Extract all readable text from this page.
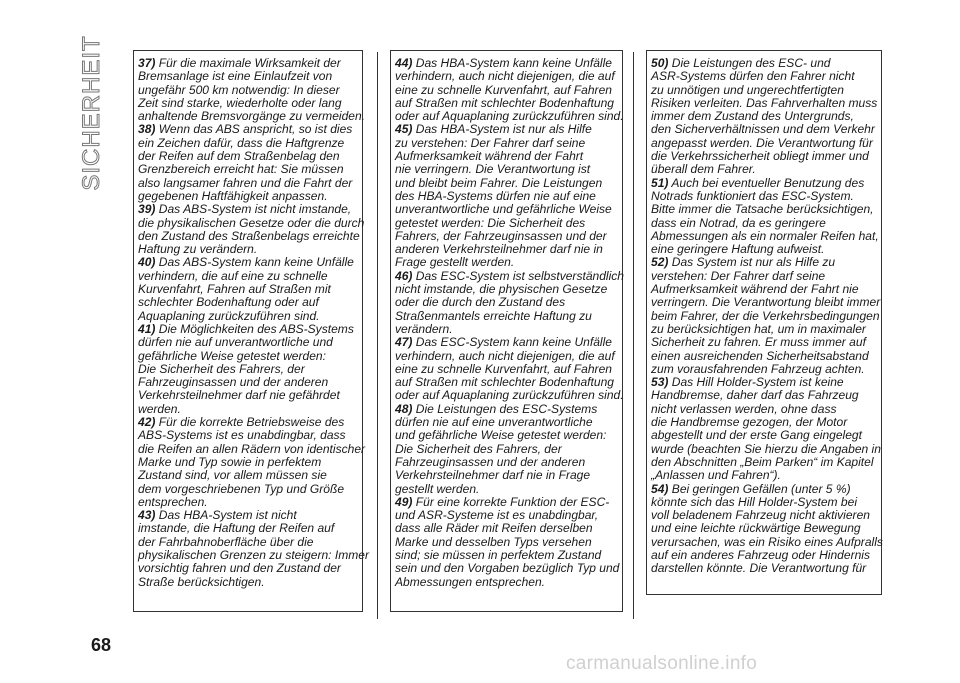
SICHERHEIT	37) Für die maximale Wirksamkeit der

Bremsanlage ist eine Einlaufzeit von

ungefähr 500 km notwendig: In dieser

Zeit sind starke, wiederholte oder lang

anhaltende Bremsvorgänge zu vermeiden.

38) Wenn das ABS anspricht, so ist dies

ein Zeichen dafür, dass die Haftgrenze

der Reifen auf dem Straßenbelag den

Grenzbereich erreicht hat: Sie müssen

also langsamer fahren und die Fahrt der

gegebenen Haftfähigkeit anpassen.

39) Das ABS-System ist nicht imstande,

die physikalischen Gesetze oder die durch

den Zustand des Straßenbelags erreichte

Haftung zu verändern.

40) Das ABS-System kann keine Unfälle

verhindern, die auf eine zu schnelle

Kurvenfahrt, Fahren auf Straßen mit

schlechter Bodenhaftung oder auf

Aquaplaning zurückzuführen sind.

41) Die Möglichkeiten des ABS-Systems

dürfen nie auf unverantwortliche und

gefährliche Weise getestet werden:

Die Sicherheit des Fahrers, der

Fahrzeuginsassen und der anderen

Verkehrsteilnehmer darf nie gefährdet

werden.

42) Für die korrekte Betriebsweise des

ABS-Systems ist es unabdingbar, dass

die Reifen an allen Rädern von identischer

Marke und Typ sowie in perfektem

Zustand sind, vor allem müssen sie

dem vorgeschriebenen Typ und Größe

entsprechen.

43) Das HBA-System ist nicht

imstande, die Haftung der Reifen auf

der Fahrbahnoberfläche über die

physikalischen Grenzen zu steigern: Immer

vorsichtig fahren und den Zustand der

Straße berücksichtigen.

44) Das HBA-System kann keine Unfälle

verhindern, auch nicht diejenigen, die auf

eine zu schnelle Kurvenfahrt, auf Fahren

auf Straßen mit schlechter Bodenhaftung

oder auf Aquaplaning zurückzuführen sind.

45) Das HBA-System ist nur als Hilfe

zu verstehen: Der Fahrer darf seine

Aufmerksamkeit während der Fahrt

nie verringern. Die Verantwortung ist

und bleibt beim Fahrer. Die Leistungen

des HBA-Systems dürfen nie auf eine

unverantwortliche und gefährliche Weise

getestet werden: Die Sicherheit des

Fahrers, der Fahrzeuginsassen und der

anderen Verkehrsteilnehmer darf nie in

Frage gestellt werden.

46) Das ESC-System ist selbstverständlich

nicht imstande, die physischen Gesetze

oder die durch den Zustand des

Straßenmantels erreichte Haftung zu

verändern.

47) Das ESC-System kann keine Unfälle

verhindern, auch nicht diejenigen, die auf

eine zu schnelle Kurvenfahrt, auf Fahren

auf Straßen mit schlechter Bodenhaftung

oder auf Aquaplaning zurückzuführen sind.

48) Die Leistungen des ESC-Systems

dürfen nie auf eine unverantwortliche

und gefährliche Weise getestet werden:

Die Sicherheit des Fahrers, der

Fahrzeuginsassen und der anderen

Verkehrsteilnehmer darf nie in Frage

gestellt werden.

49) Für eine korrekte Funktion der ESC-

und ASR-Systeme ist es unabdingbar,

dass alle Räder mit Reifen derselben

Marke und desselben Typs versehen

sind; sie müssen in perfektem Zustand

sein und den Vorgaben bezüglich Typ und

Abmessungen entsprechen.

50) Die Leistungen des ESC- und

ASR-Systems dürfen den Fahrer nicht

zu unnötigen und ungerechtfertigten

Risiken verleiten. Das Fahrverhalten muss

immer dem Zustand des Untergrunds,

den Sicherverhältnissen und dem Verkehr

angepasst werden. Die Verantwortung für

die Verkehrssicherheit obliegt immer und

überall dem Fahrer.

51) Auch bei eventueller Benutzung des

Notrads funktioniert das ESC-System.

Bitte immer die Tatsache berücksichtigen,

dass ein Notrad, da es geringere

Abmessungen als ein normaler Reifen hat,

eine geringere Haftung aufweist.

52) Das System ist nur als Hilfe zu

verstehen: Der Fahrer darf seine

Aufmerksamkeit während der Fahrt nie

verringern. Die Verantwortung bleibt immer

beim Fahrer, der die Verkehrsbedingungen

zu berücksichtigen hat, um in maximaler

Sicherheit zu fahren. Er muss immer auf

einen ausreichenden Sicherheitsabstand

zum vorausfahrenden Fahrzeug achten.

53) Das Hill Holder-System ist keine

Handbremse, daher darf das Fahrzeug

nicht verlassen werden, ohne dass

die Handbremse gezogen, der Motor

abgestellt und der erste Gang eingelegt

wurde (beachten Sie hierzu die Angaben in

den Abschnitten „Beim Parken“ im Kapitel

„Anlassen und Fahren“).

54) Bei geringen Gefällen (unter 5 %)

könnte sich das Hill Holder-System bei

voll beladenem Fahrzeug nicht aktivieren

und eine leichte rückwärtige Bewegung

verursachen, was ein Risiko eines Aufpralls

auf ein anderes Fahrzeug oder Hindernis

darstellen könnte. Die Verantwortung für

68
carmanualsonline.info
